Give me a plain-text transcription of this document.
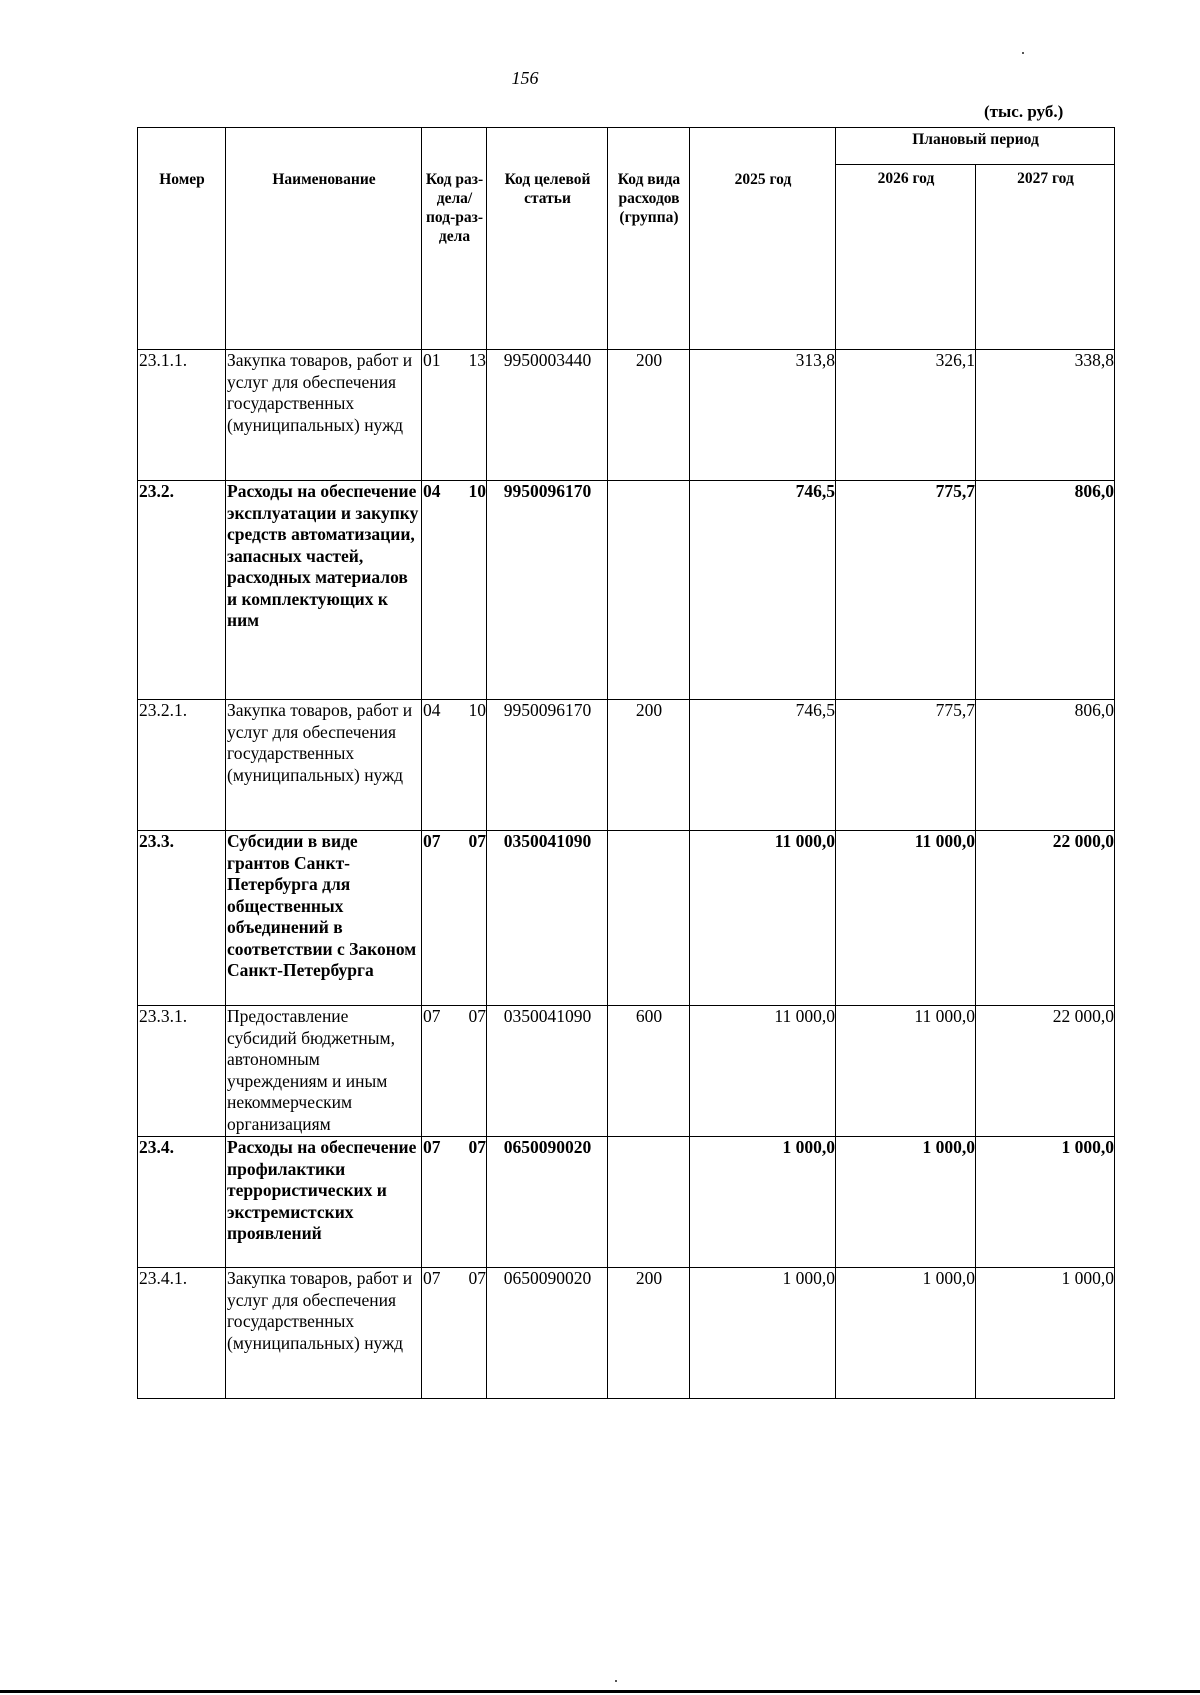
156
(тыс. руб.)
Номер	Наименование	Код раз-дела/ под-раз-дела	Код целевой статьи	Код вида расходов (группа)	2025 год	Плановый период	
						2026 год	2027 год
23.1.1.	Закупка товаров, работ и услуг для обеспечения государственных (муниципальных) нужд	01 13	9950003440	200	313,8	326,1	338,8
23.2.	Расходы на обеспечение эксплуатации и закупку средств автоматизации, запасных частей, расходных материалов и комплектующих к ним	04 10	9950096170		746,5	775,7	806,0
23.2.1.	Закупка товаров, работ и услуг для обеспечения государственных (муниципальных) нужд	04 10	9950096170	200	746,5	775,7	806,0
23.3.	Субсидии в виде грантов Санкт-Петербурга для общественных объединений в соответствии с Законом Санкт-Петербурга	07 07	0350041090		11 000,0	11 000,0	22 000,0
23.3.1.	Предоставление субсидий бюджетным, автономным учреждениям и иным некоммерческим организациям	07 07	0350041090	600	11 000,0	11 000,0	22 000,0
23.4.	Расходы на обеспечение профилактики террористических и экстремистских проявлений	07 07	0650090020		1 000,0	1 000,0	1 000,0
23.4.1.	Закупка товаров, работ и услуг для обеспечения государственных (муниципальных) нужд	07 07	0650090020	200	1 000,0	1 000,0	1 000,0
